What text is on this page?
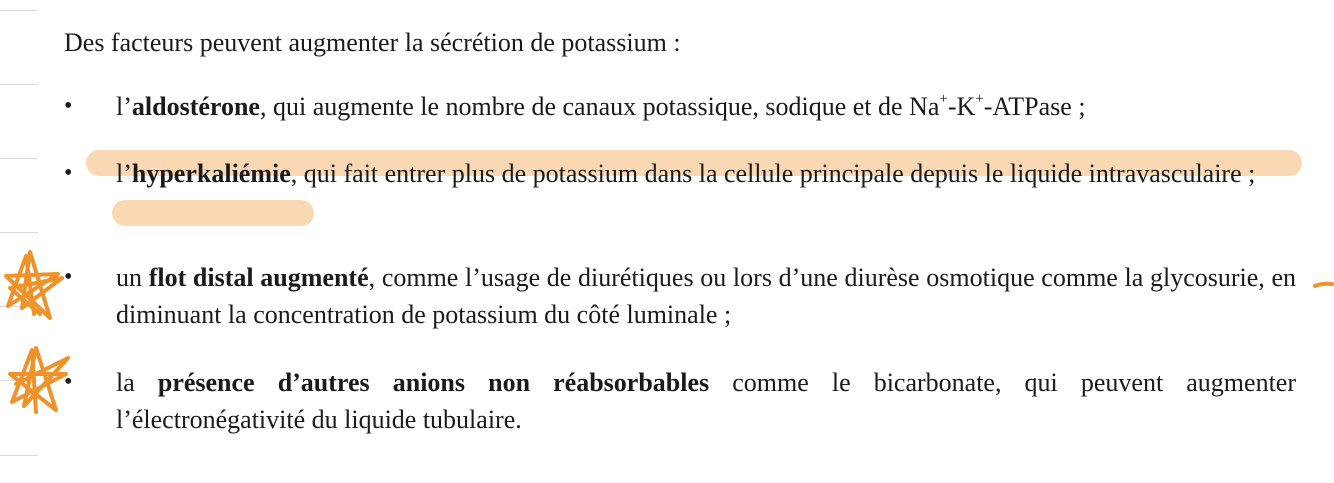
Des facteurs peuvent augmenter la sécrétion de potassium :
• l’aldostérone, qui augmente le nombre de canaux potassique, sodique et de Na+-K+-ATPase ;
• l’hyperkaliémie, qui fait entrer plus de potassium dans la cellule principale depuis le liquide intravasculaire ;
• un flot distal augmenté, comme l’usage de diurétiques ou lors d’une diurèse osmotique comme la glycosurie, en diminuant la concentration de potassium du côté luminale ;
• la présence d’autres anions non réabsorbables comme le bicarbonate, qui peuvent augmenter l’électronégativité du liquide tubulaire.
